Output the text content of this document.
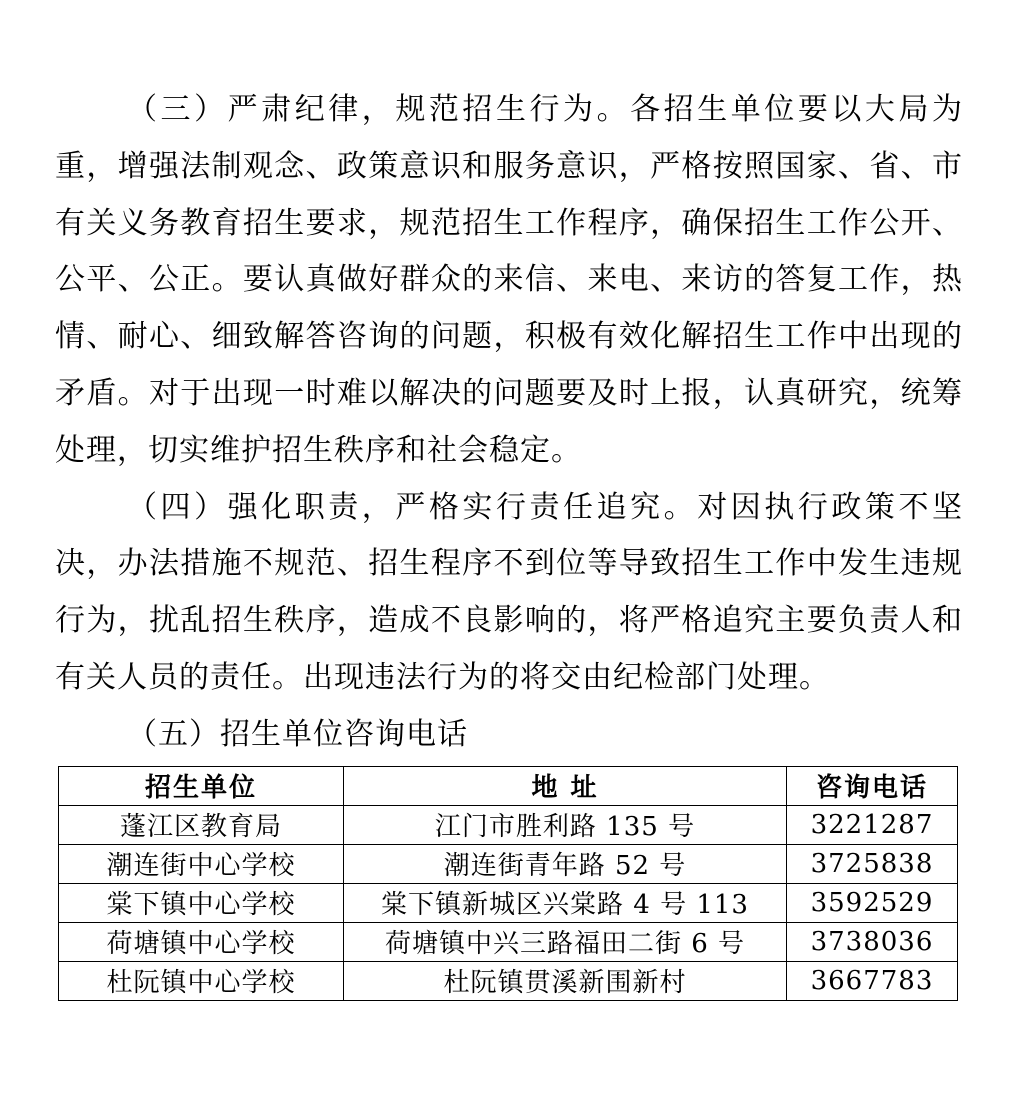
（三）严肃纪律，规范招生行为。各招生单位要以大局为重，增强法制观念、政策意识和服务意识，严格按照国家、省、市有关义务教育招生要求，规范招生工作程序，确保招生工作公开、公平、公正。要认真做好群众的来信、来电、来访的答复工作，热情、耐心、细致解答咨询的问题，积极有效化解招生工作中出现的矛盾。对于出现一时难以解决的问题要及时上报，认真研究，统筹处理，切实维护招生秩序和社会稳定。

（四）强化职责，严格实行责任追究。对因执行政策不坚决，办法措施不规范、招生程序不到位等导致招生工作中发生违规行为，扰乱招生秩序，造成不良影响的，将严格追究主要负责人和有关人员的责任。出现违法行为的将交由纪检部门处理。

（五）招生单位咨询电话

招生单位	地 址	咨询电话
蓬江区教育局	江门市胜利路 135 号	3221287
潮连街中心学校	潮连街青年路 52 号	3725838
棠下镇中心学校	棠下镇新城区兴棠路 4 号 113	3592529
荷塘镇中心学校	荷塘镇中兴三路福田二街 6 号	3738036
杜阮镇中心学校	杜阮镇贯溪新围新村	3667783
